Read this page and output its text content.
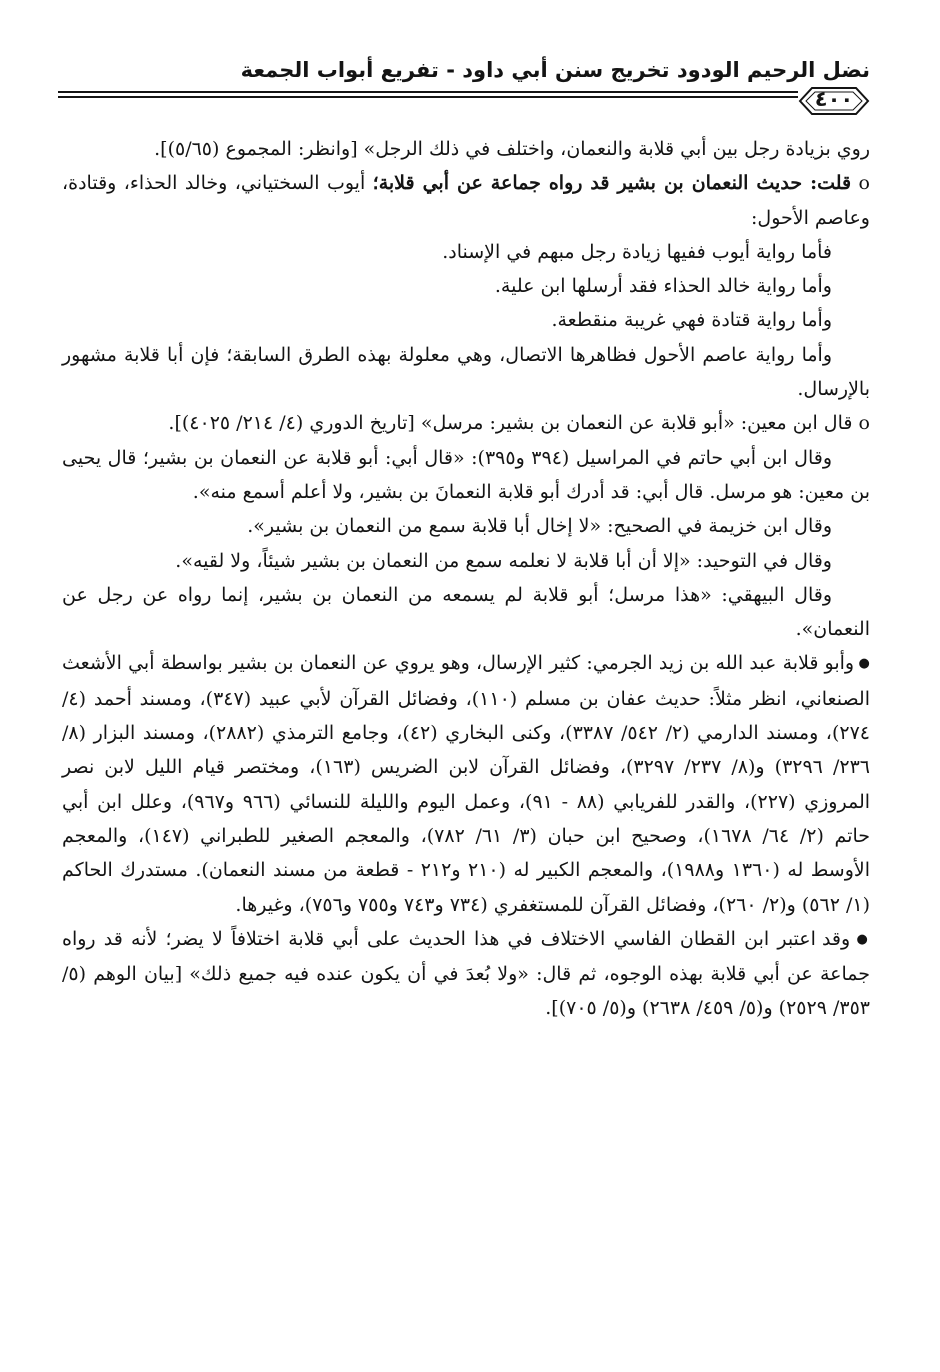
نضل الرحيم الودود تخريج سنن أبي داود - تفريع أبواب الجمعة
٤٠٠

روي بزيادة رجل بين أبي قلابة والنعمان، واختلف في ذلك الرجل» [وانظر: المجموع (٥/٦٥)].

o قلت: حديث النعمان بن بشير قد رواه جماعة عن أبي قلابة؛ أيوب السختياني، وخالد الحذاء، وقتادة، وعاصم الأحول:

فأما رواية أيوب ففيها زيادة رجل مبهم في الإسناد.

وأما رواية خالد الحذاء فقد أرسلها ابن علية.

وأما رواية قتادة فهي غريبة منقطعة.

وأما رواية عاصم الأحول فظاهرها الاتصال، وهي معلولة بهذه الطرق السابقة؛ فإن أبا قلابة مشهور بالإرسال.

o قال ابن معين: «أبو قلابة عن النعمان بن بشير: مرسل» [تاريخ الدوري (٤/ ٢١٤/ ٤٠٢٥)].

وقال ابن أبي حاتم في المراسيل (٣٩٤ و٣٩٥): «قال أبي: أبو قلابة عن النعمان بن بشير؛ قال يحيى بن معين: هو مرسل. قال أبي: قد أدرك أبو قلابة النعمانَ بن بشير، ولا أعلم أسمع منه».

وقال ابن خزيمة في الصحيح: «لا إخال أبا قلابة سمع من النعمان بن بشير».

وقال في التوحيد: «إلا أن أبا قلابة لا نعلمه سمع من النعمان بن بشير شيئاً، ولا لقيه».

وقال البيهقي: «هذا مرسل؛ أبو قلابة لم يسمعه من النعمان بن بشير، إنما رواه عن رجل عن النعمان».

● وأبو قلابة عبد الله بن زيد الجرمي: كثير الإرسال، وهو يروي عن النعمان بن بشير بواسطة أبي الأشعث الصنعاني، انظر مثلاً: حديث عفان بن مسلم (١١٠)، وفضائل القرآن لأبي عبيد (٣٤٧)، ومسند أحمد (٤/ ٢٧٤)، ومسند الدارمي (٢/ ٥٤٢/ ٣٣٨٧)، وكنى البخاري (٤٢)، وجامع الترمذي (٢٨٨٢)، ومسند البزار (٨/ ٢٣٦/ ٣٢٩٦) و(٨/ ٢٣٧/ ٣٢٩٧)، وفضائل القرآن لابن الضريس (١٦٣)، ومختصر قيام الليل لابن نصر المروزي (٢٢٧)، والقدر للفريابي (٨٨ - ٩١)، وعمل اليوم والليلة للنسائي (٩٦٦ و٩٦٧)، وعلل ابن أبي حاتم (٢/ ٦٤/ ١٦٧٨)، وصحيح ابن حبان (٣/ ٦١/ ٧٨٢)، والمعجم الصغير للطبراني (١٤٧)، والمعجم الأوسط له (١٣٦٠ و١٩٨٨)، والمعجم الكبير له (٢١٠ و٢١٢ - قطعة من مسند النعمان). مستدرك الحاكم (١/ ٥٦٢) و(٢/ ٢٦٠)، وفضائل القرآن للمستغفري (٧٣٤ و٧٤٣ و٧٥٥ و٧٥٦)، وغيرها.

● وقد اعتبر ابن القطان الفاسي الاختلاف في هذا الحديث على أبي قلابة اختلافاً لا يضر؛ لأنه قد رواه جماعة عن أبي قلابة بهذه الوجوه، ثم قال: «ولا بُعدَ في أن يكون عنده فيه جميع ذلك» [بيان الوهم (٥/ ٣٥٣/ ٢٥٢٩) و(٥/ ٤٥٩/ ٢٦٣٨) و(٥/ ٧٠٥)].
